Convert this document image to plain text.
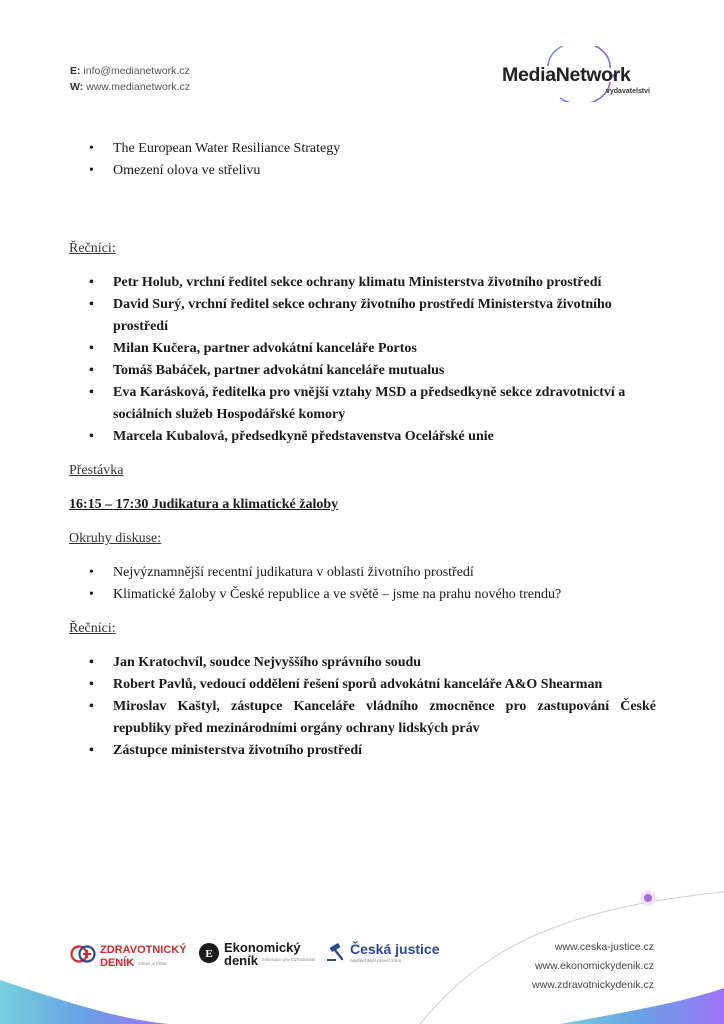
E: info@medianetwork.cz
W: www.medianetwork.cz
MediaNetwork
vydavatelství
• The European Water Resiliance Strategy
• Omezení olova ve střelivu
Řečníci:
• Petr Holub, vrchní ředitel sekce ochrany klimatu Ministerstva životního prostředí
• David Surý, vrchní ředitel sekce ochrany životního prostředí Ministerstva životního prostředí
• Milan Kučera, partner advokátní kanceláře Portos
• Tomáš Babáček, partner advokátní kanceláře mutualus
• Eva Karásková, ředitelka pro vnější vztahy MSD a předsedkyně sekce zdravotnictví a sociálních služeb Hospodářské komory
• Marcela Kubalová, předsedkyně představenstva Ocelářské unie
Přestávka
16:15 – 17:30 Judikatura a klimatické žaloby
Okruhy diskuse:
• Nejvýznamnější recentní judikatura v oblasti životního prostředí
• Klimatické žaloby v České republice a ve světě – jsme na prahu nového trendu?
Řečníci:
• Jan Kratochvíl, soudce Nejvyššího správního soudu
• Robert Pavlů, vedoucí oddělení řešení sporů advokátní kanceláře A&O Shearman
• Miroslav Kaštyl, zástupce Kanceláře vládního zmocněnce pro zastupování České republiky před mezinárodními orgány ochrany lidských práv
• Zástupce ministerstva životního prostředí
ZDRAVOTNICKÝ
DENÍK zdraví je třeba
E Ekonomický
deník informace pro rozhodování
Česká justice
nejdůležitější právní zdroj
www.ceska-justice.cz
www.ekonomickydenik.cz
www.zdravotnickydenik.cz
